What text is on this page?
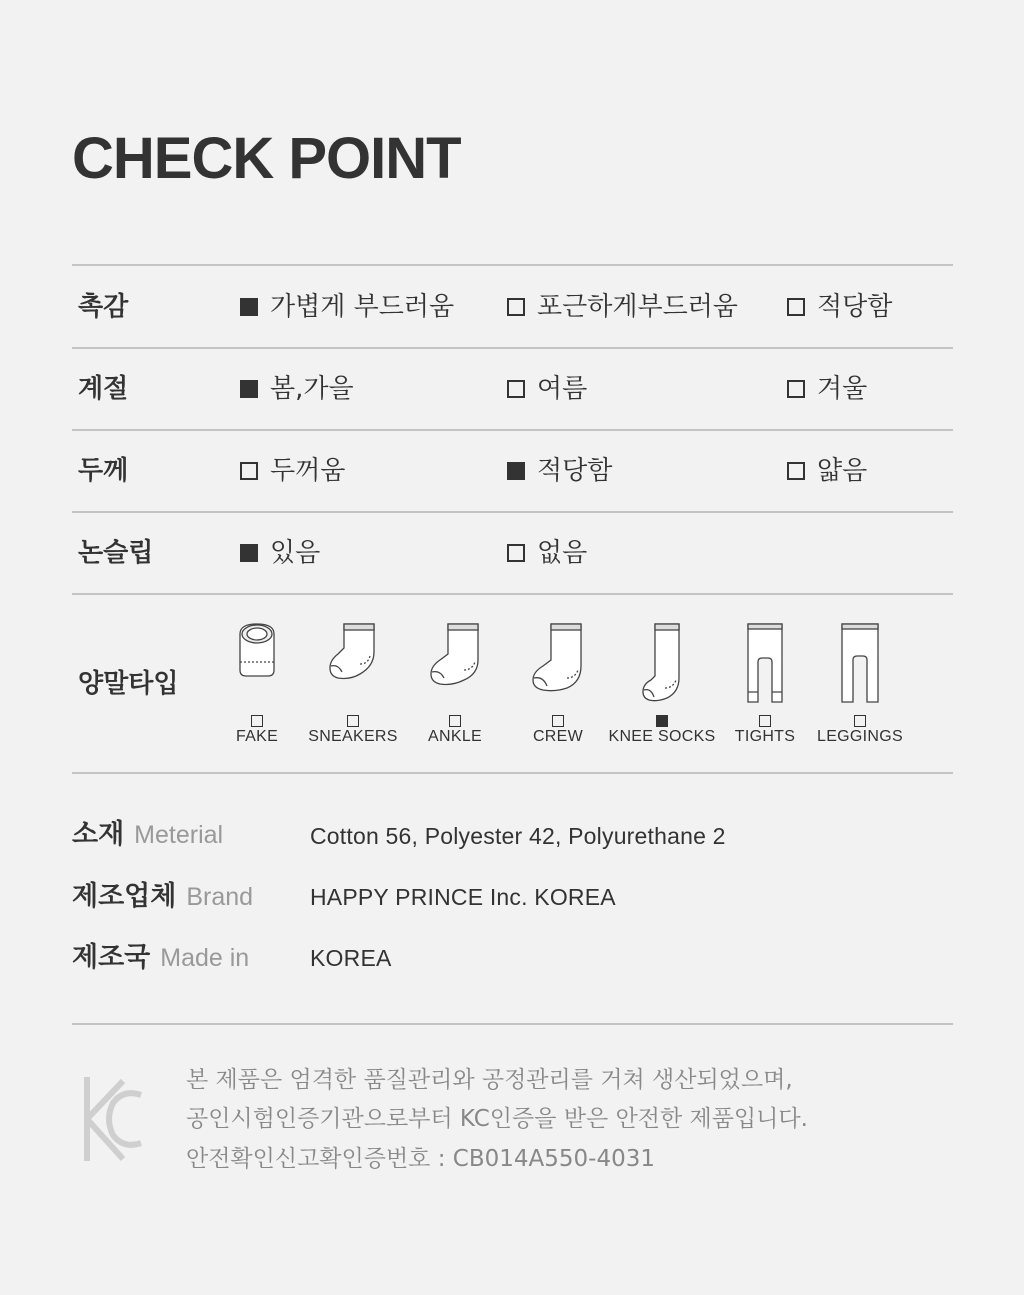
CHECK POINT
촉감	가볍게 부드러움	포근하게부드러움	적당함
계절	봄,가을	여름	겨울
두께	두꺼움	적당함	얇음
논슬립	있음	없음
양말타입
FAKE	SNEAKERS	ANKLE	CREW	KNEE SOCKS	TIGHTS	LEGGINGS
소재 Meterial	Cotton 56, Polyester 42, Polyurethane 2
제조업체 Brand HAPPY PRINCE Inc. KOREA
제조국 Made in	KOREA
본 제품은 엄격한 품질관리와 공정관리를 거쳐 생산되었으며,
공인시험인증기관으로부터 KC인증을 받은 안전한 제품입니다.
안전확인신고확인증번호 : CB014A550-4031
